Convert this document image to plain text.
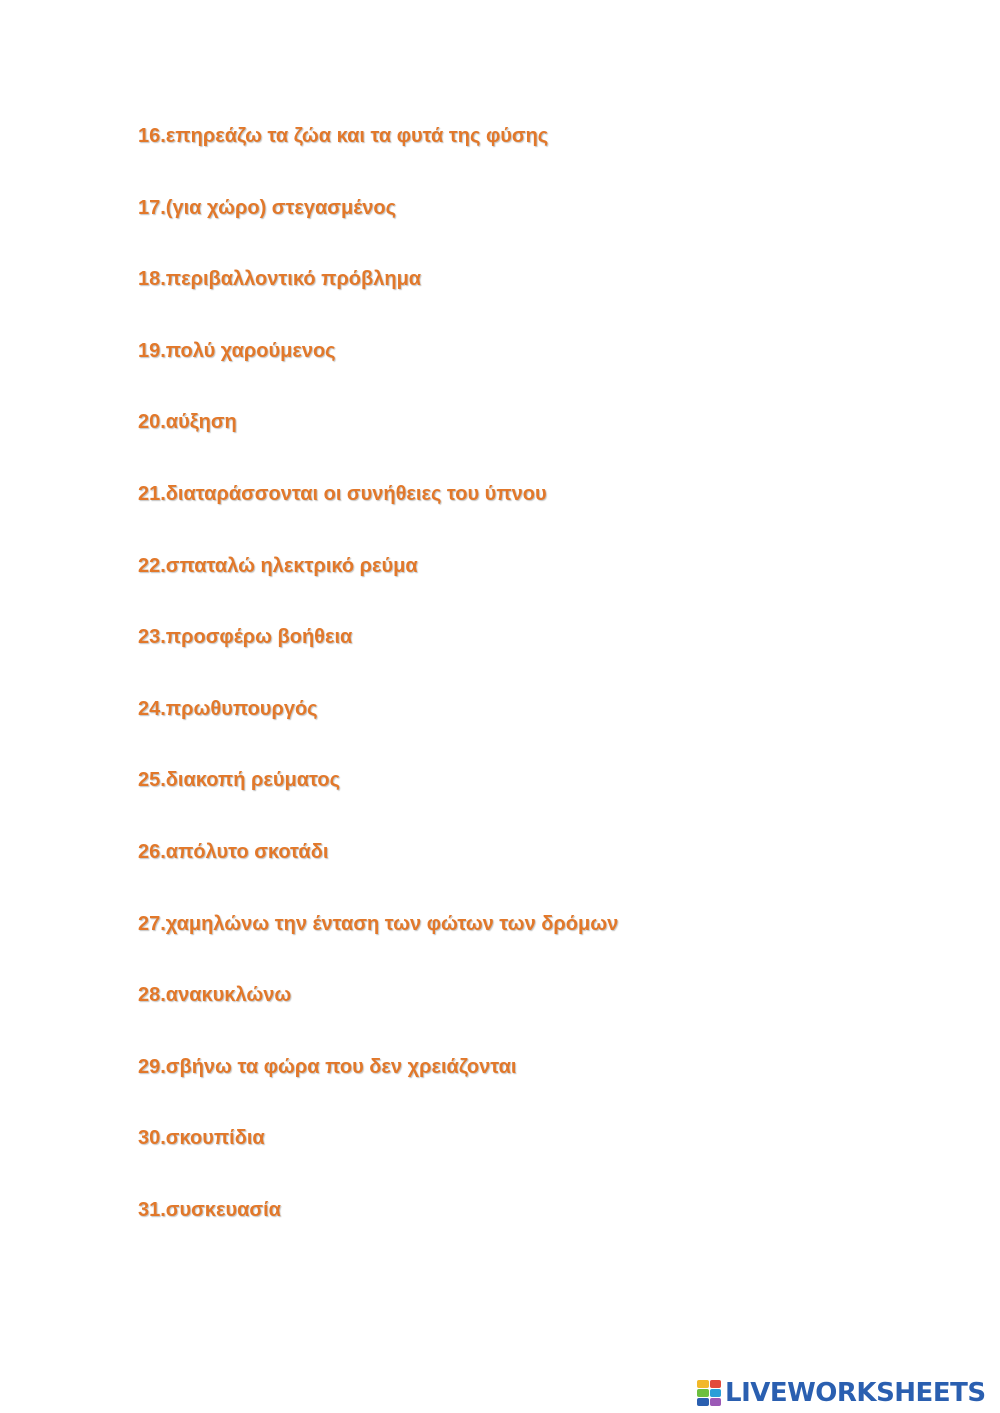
16.επηρεάζω τα ζώα και τα φυτά της φύσης
17.(για χώρο) στεγασμένος
18.περιβαλλοντικό πρόβλημα
19.πολύ χαρούμενος
20.αύξηση
21.διαταράσσονται οι συνήθειες του ύπνου
22.σπαταλώ ηλεκτρικό ρεύμα
23.προσφέρω βοήθεια
24.πρωθυπουργός
25.διακοπή ρεύματος
26.απόλυτο σκοτάδι
27.χαμηλώνω την ένταση των φώτων των δρόμων
28.ανακυκλώνω
29.σβήνω τα φώρα που δεν χρειάζονται
30.σκουπίδια
31.συσκευασία
LIVEWORKSHEETS
